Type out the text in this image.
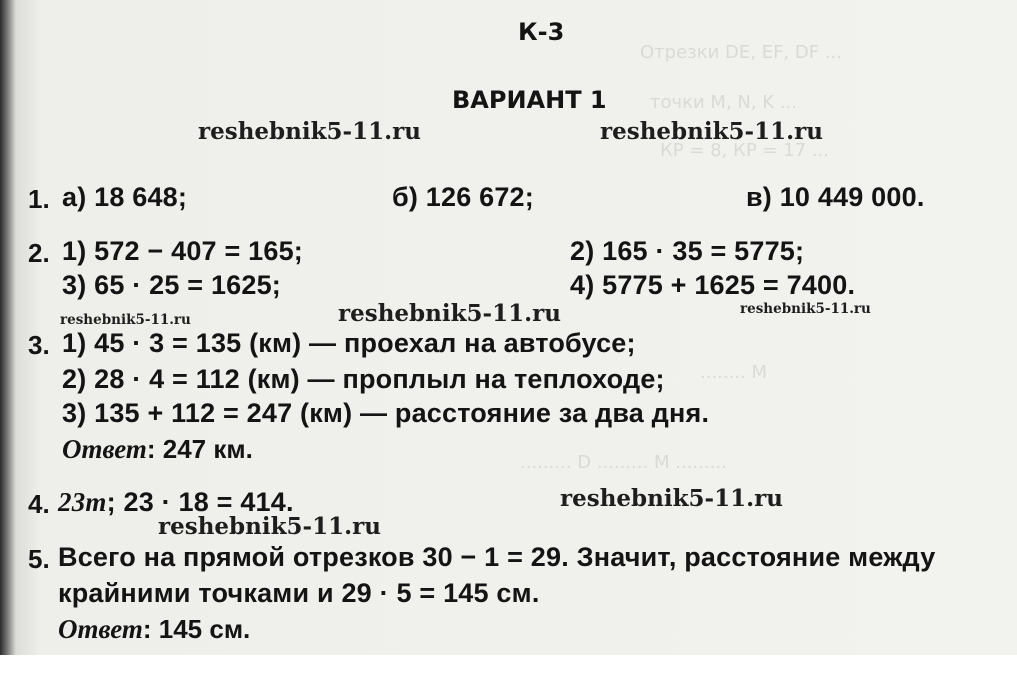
Отрезки DE, EF, DF ...
точки M, N, K ...
КР = 8, КР = 17 ...
........ M
......... D ......... M .........
К-3
ВАРИАНТ 1
reshebnik5-11.ru	reshebnik5-11.ru
reshebnik5-11.ru	reshebnik5-11.ru	reshebnik5-11.ru
reshebnik5-11.ru
reshebnik5-11.ru
1. а) 18 648;	б) 126 672;	в) 10 449 000.
2. 1) 572 − 407 = 165;	2) 165 · 35 = 5775;
3) 65 · 25 = 1625;	4) 5775 + 1625 = 7400.
3. 1) 45 · 3 = 135 (км) — проехал на автобусе;
2) 28 · 4 = 112 (км) — проплыл на теплоходе;
3) 135 + 112 = 247 (км) — расстояние за два дня.
Ответ: 247 км.
4. 23m; 23 · 18 = 414.
5. Всего на прямой отрезков 30 − 1 = 29. Значит, расстояние между
крайними точками и 29 · 5 = 145 см.
Ответ: 145 см.
